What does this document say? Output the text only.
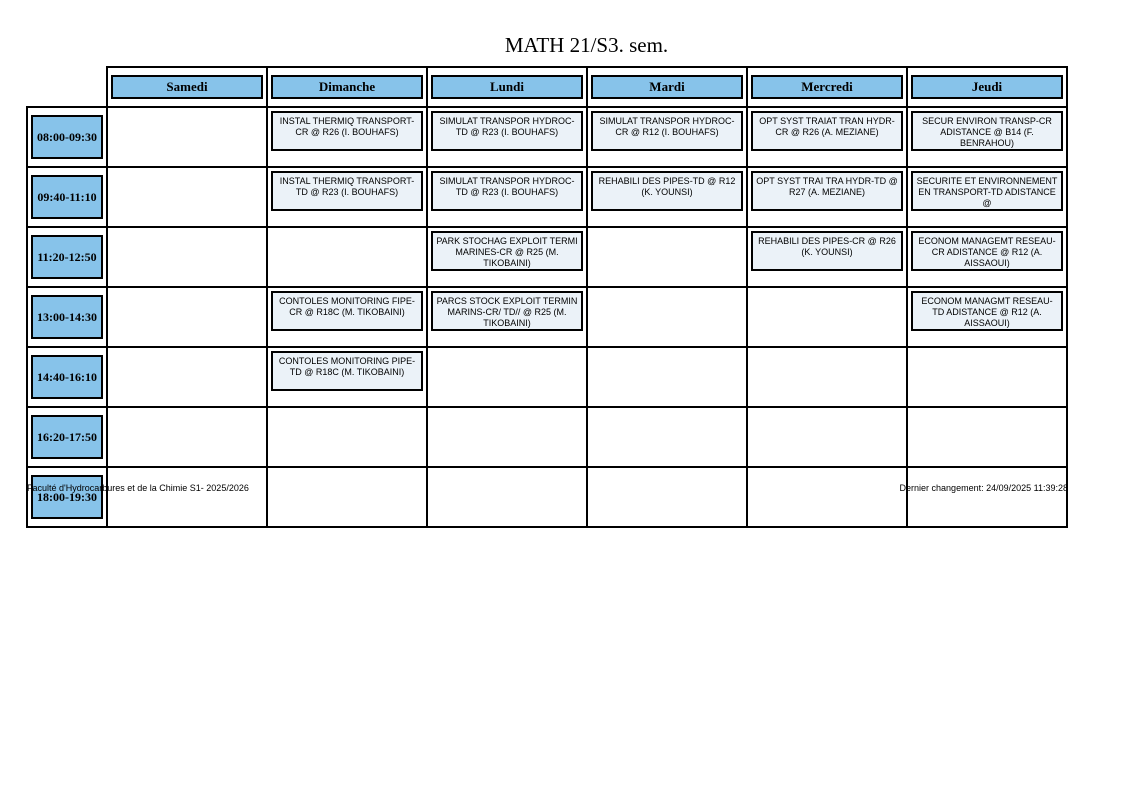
MATH 21/S3. sem.

Samedi	Dimanche	Lundi	Mardi	Mercredi	Jeudi

08:00-09:30		INSTAL THERMIQ TRANSPORT-CR @ R26 (I. BOUHAFS)	SIMULAT TRANSPOR HYDROC-TD @ R23 (I. BOUHAFS)	SIMULAT TRANSPOR HYDROC-CR @ R12 (I. BOUHAFS)	OPT SYST TRAIAT TRAN HYDR-CR @ R26 (A. MEZIANE)	SECUR ENVIRON TRANSP-CR ADISTANCE @ B14 (F. BENRAHOU)

09:40-11:10		INSTAL THERMIQ TRANSPORT-TD @ R23 (I. BOUHAFS)	SIMULAT TRANSPOR HYDROC-TD @ R23 (I. BOUHAFS)	REHABILI DES PIPES-TD @ R12 (K. YOUNSI)	OPT SYST TRAI TRA HYDR-TD @ R27 (A. MEZIANE)	SECURITE ET ENVIRONNEMENT EN TRANSPORT-TD ADISTANCE @

11:20-12:50			PARK STOCHAG EXPLOIT TERMI MARINES-CR @ R25 (M. TIKOBAINI)		REHABILI DES PIPES-CR @ R26 (K. YOUNSI)	ECONOM MANAGEMT RESEAU-CR ADISTANCE @ R12 (A. AISSAOUI)

13:00-14:30		CONTOLES MONITORING FIPE-CR @ R18C (M. TIKOBAINI)	PARCS STOCK EXPLOIT TERMIN MARINS-CR/ TD// @ R25 (M. TIKOBAINI)			ECONOM MANAGMT RESEAU-TD ADISTANCE @ R12 (A. AISSAOUI)

14:40-16:10		CONTOLES MONITORING PIPE-TD @ R18C (M. TIKOBAINI)				

16:20-17:50						

18:00-19:30						

Faculté d'Hydrocarbures et de la Chimie S1- 2025/2026	Dernier changement: 24/09/2025 11:39:28
